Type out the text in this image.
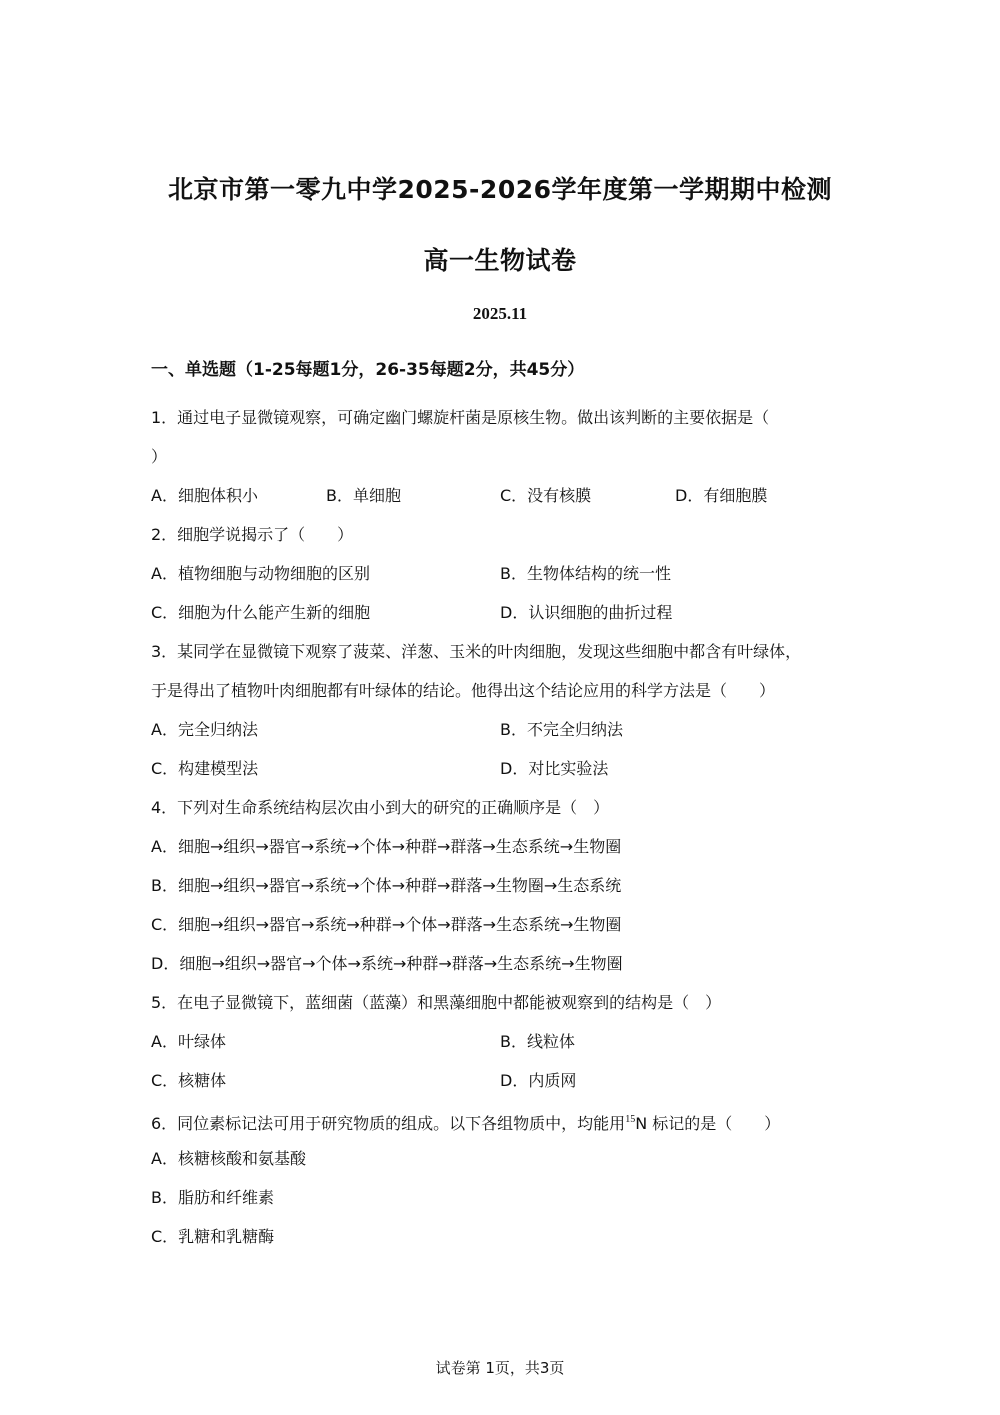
北京市第一零九中学2025-2026学年度第一学期期中检测
高一生物试卷
2025.11
一、单选题（1-25每题1分，26-35每题2分，共45分）
1．通过电子显微镜观察，可确定幽门螺旋杆菌是原核生物。做出该判断的主要依据是（
）
A．细胞体积小	B．单细胞	C．没有核膜	D．有细胞膜
2．细胞学说揭示了（　　）
A．植物细胞与动物细胞的区别	B．生物体结构的统一性
C．细胞为什么能产生新的细胞	D．认识细胞的曲折过程
3．某同学在显微镜下观察了菠菜、洋葱、玉米的叶肉细胞，发现这些细胞中都含有叶绿体，
于是得出了植物叶肉细胞都有叶绿体的结论。他得出这个结论应用的科学方法是（　　）
A．完全归纳法	B．不完全归纳法
C．构建模型法	D．对比实验法
4．下列对生命系统结构层次由小到大的研究的正确顺序是（　）
A．细胞→组织→器官→系统→个体→种群→群落→生态系统→生物圈
B．细胞→组织→器官→系统→个体→种群→群落→生物圈→生态系统
C．细胞→组织→器官→系统→种群→个体→群落→生态系统→生物圈
D．细胞→组织→器官→个体→系统→种群→群落→生态系统→生物圈
5．在电子显微镜下，蓝细菌（蓝藻）和黑藻细胞中都能被观察到的结构是（　）
A．叶绿体	B．线粒体
C．核糖体	D．内质网
6．同位素标记法可用于研究物质的组成。以下各组物质中，均能用$^{15}$N 标记的是（　　）
A．核糖核酸和氨基酸
B．脂肪和纤维素
C．乳糖和乳糖酶
试卷第 1页，共3页
